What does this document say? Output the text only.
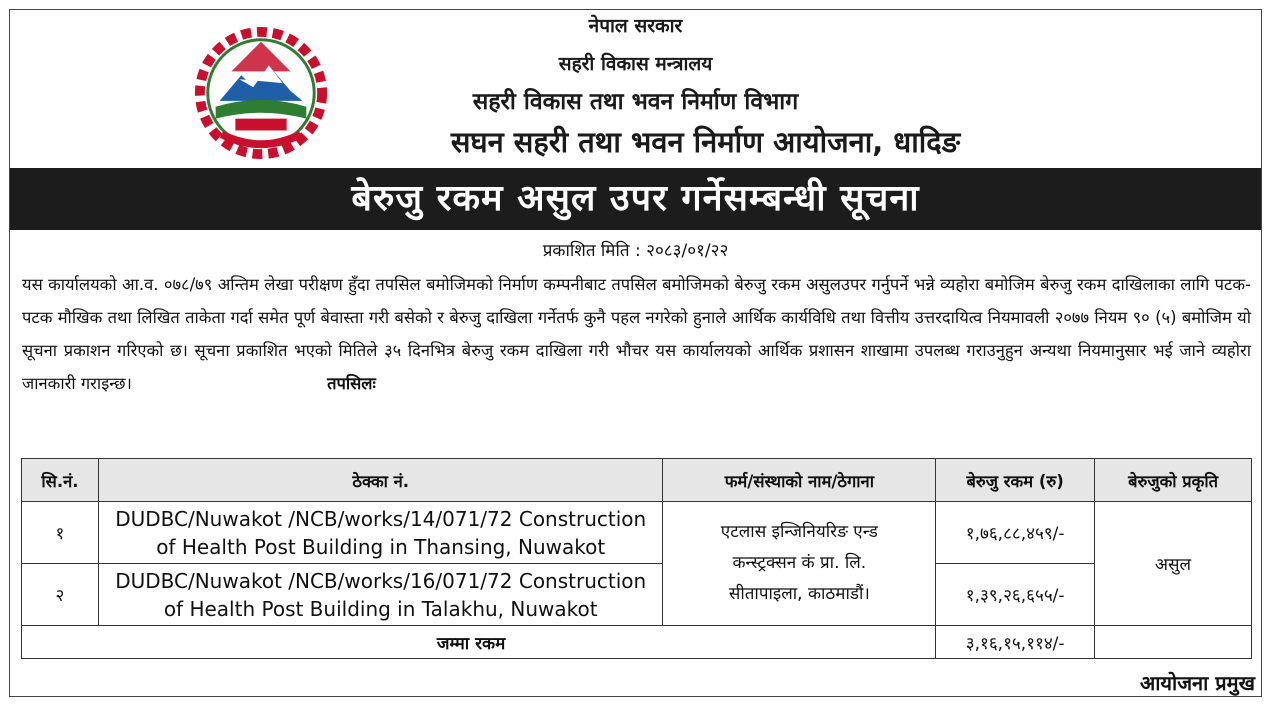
नेपाल सरकार
सहरी विकास मन्त्रालय
सहरी विकास तथा भवन निर्माण विभाग
सघन सहरी तथा भवन निर्माण आयोजना, धादिङ
बेरुजु रकम असुल उपर गर्नेसम्बन्धी सूचना
प्रकाशित मिति : २०८३/०१/२२
यस कार्यालयको आ.व. ०७८/७९ अन्तिम लेखा परीक्षण हुँदा तपसिल बमोजिमको निर्माण कम्पनीबाट तपसिल बमोजिमको बेरुजु रकम असुलउपर गर्नुपर्ने भन्ने व्यहोरा बमोजिम बेरुजु रकम दाखिलाका लागि पटक-पटक मौखिक तथा लिखित ताकेता गर्दा समेत पूर्ण बेवास्ता गरी बसेको र बेरुजु दाखिला गर्नेतर्फ कुनै पहल नगरेको हुनाले आर्थिक कार्यविधि तथा वित्तीय उत्तरदायित्व नियमावली २०७७ नियम ९० (५) बमोजिम यो सूचना प्रकाशन गरिएको छ। सूचना प्रकाशित भएको मितिले ३५ दिनभित्र बेरुजु रकम दाखिला गरी भौचर यस कार्यालयको आर्थिक प्रशासन शाखामा उपलब्ध गराउनुहुन अन्यथा नियमानुसार भई जाने व्यहोरा जानकारी गराइन्छ।	तपसिलः
सि.नं.	ठेक्का नं.	फर्म/संस्थाको नाम/ठेगाना	बेरुजु रकम (रु)	बेरुजुको प्रकृति
१	DUDBC/Nuwakot /NCB/works/14/071/72 Construction of Health Post Building in Thansing, Nuwakot	एटलास इन्जिनियरिङ एन्ड
कन्स्ट्रक्सन कं प्रा. लि.
सीतापाइला, काठमाडौं।	१,७६,८८,४५९/-	असुल
२	DUDBC/Nuwakot /NCB/works/16/071/72 Construction of Health Post Building in Talakhu, Nuwakot		१,३९,२६,६५५/-	
जम्मा रकम			३,१६,१५,११४/-	
आयोजना प्रमुख
